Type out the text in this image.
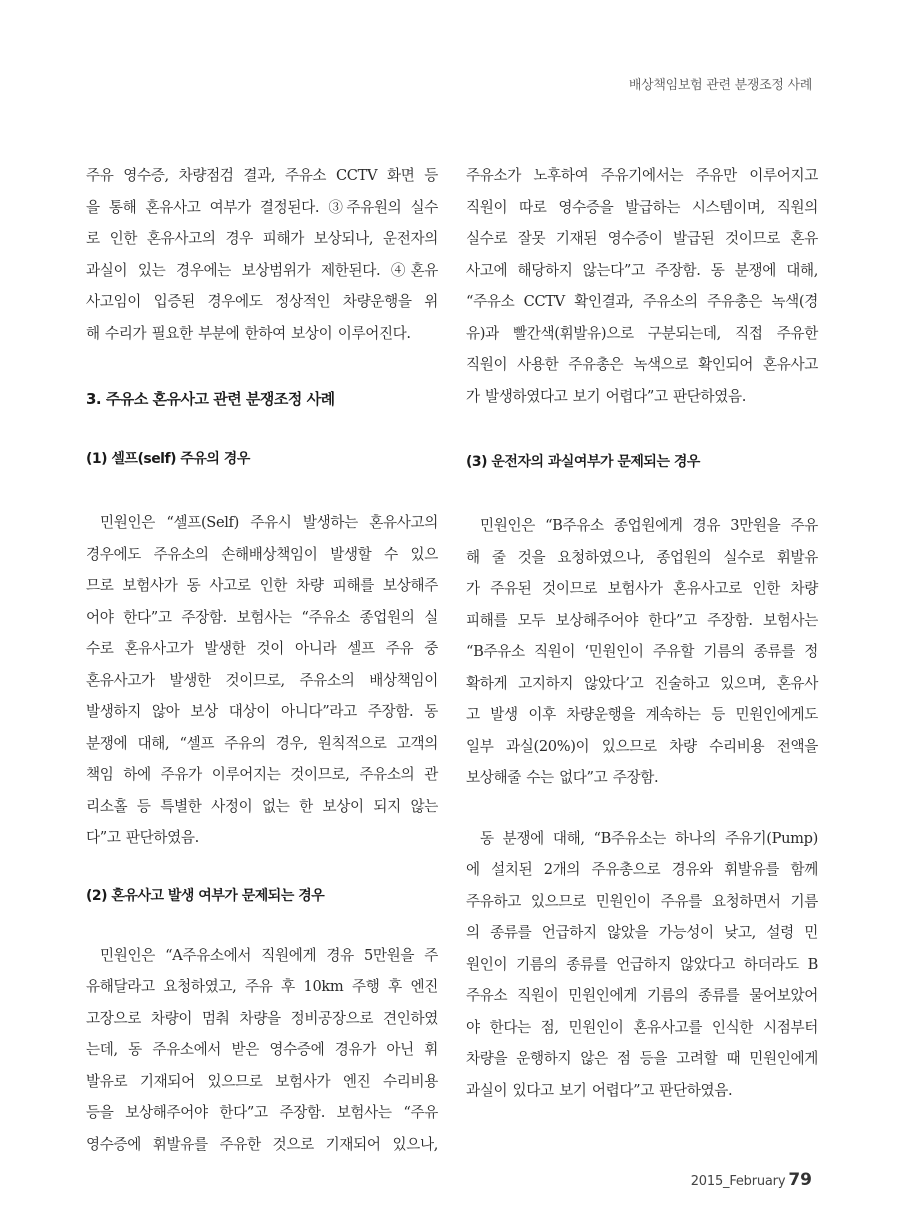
배상책임보험 관련 분쟁조정 사례

주유 영수증, 차량점검 결과, 주유소 CCTV 화면 등
을 통해 혼유사고 여부가 결정된다. ③주유원의 실수
로 인한 혼유사고의 경우 피해가 보상되나, 운전자의
과실이 있는 경우에는 보상범위가 제한된다. ④혼유
사고임이 입증된 경우에도 정상적인 차량운행을 위
해 수리가 필요한 부분에 한하여 보상이 이루어진다.

3. 주유소 혼유사고 관련 분쟁조정 사례
(1) 셀프(self) 주유의 경우

민원인은 “셀프(Self) 주유시 발생하는 혼유사고의
경우에도 주유소의 손해배상책임이 발생할 수 있으
므로 보험사가 동 사고로 인한 차량 피해를 보상해주
어야 한다”고 주장함. 보험사는 “주유소 종업원의 실
수로 혼유사고가 발생한 것이 아니라 셀프 주유 중
혼유사고가 발생한 것이므로, 주유소의 배상책임이
발생하지 않아 보상 대상이 아니다”라고 주장함. 동
분쟁에 대해, “셀프 주유의 경우, 원칙적으로 고객의
책임 하에 주유가 이루어지는 것이므로, 주유소의 관
리소홀 등 특별한 사정이 없는 한 보상이 되지 않는
다”고 판단하였음.

(2) 혼유사고 발생 여부가 문제되는 경우

민원인은 “A주유소에서 직원에게 경유 5만원을 주
유해달라고 요청하였고, 주유 후 10km 주행 후 엔진
고장으로 차량이 멈춰 차량을 정비공장으로 견인하였
는데, 동 주유소에서 받은 영수증에 경유가 아닌 휘
발유로 기재되어 있으므로 보험사가 엔진 수리비용
등을 보상해주어야 한다”고 주장함. 보험사는 “주유
영수증에 휘발유를 주유한 것으로 기재되어 있으나,

주유소가 노후하여 주유기에서는 주유만 이루어지고
직원이 따로 영수증을 발급하는 시스템이며, 직원의
실수로 잘못 기재된 영수증이 발급된 것이므로 혼유
사고에 해당하지 않는다”고 주장함. 동 분쟁에 대해,
“주유소 CCTV 확인결과, 주유소의 주유총은 녹색(경
유)과 빨간색(휘발유)으로 구분되는데, 직접 주유한
직원이 사용한 주유총은 녹색으로 확인되어 혼유사고
가 발생하였다고 보기 어렵다”고 판단하였음.

(3) 운전자의 과실여부가 문제되는 경우

민원인은 “B주유소 종업원에게 경유 3만원을 주유
해 줄 것을 요청하였으나, 종업원의 실수로 휘발유
가 주유된 것이므로 보험사가 혼유사고로 인한 차량
피해를 모두 보상해주어야 한다”고 주장함. 보험사는
“B주유소 직원이 ‘민원인이 주유할 기름의 종류를 정
확하게 고지하지 않았다’고 진술하고 있으며, 혼유사
고 발생 이후 차량운행을 계속하는 등 민원인에게도
일부 과실(20%)이 있으므로 차량 수리비용 전액을
보상해줄 수는 없다”고 주장함.

동 분쟁에 대해, “B주유소는 하나의 주유기(Pump)
에 설치된 2개의 주유총으로 경유와 휘발유를 함께
주유하고 있으므로 민원인이 주유를 요청하면서 기름
의 종류를 언급하지 않았을 가능성이 낮고, 설령 민
원인이 기름의 종류를 언급하지 않았다고 하더라도 B
주유소 직원이 민원인에게 기름의 종류를 물어보았어
야 한다는 점, 민원인이 혼유사고를 인식한 시점부터
차량을 운행하지 않은 점 등을 고려할 때 민원인에게
과실이 있다고 보기 어렵다”고 판단하였음.

2015_February 79
